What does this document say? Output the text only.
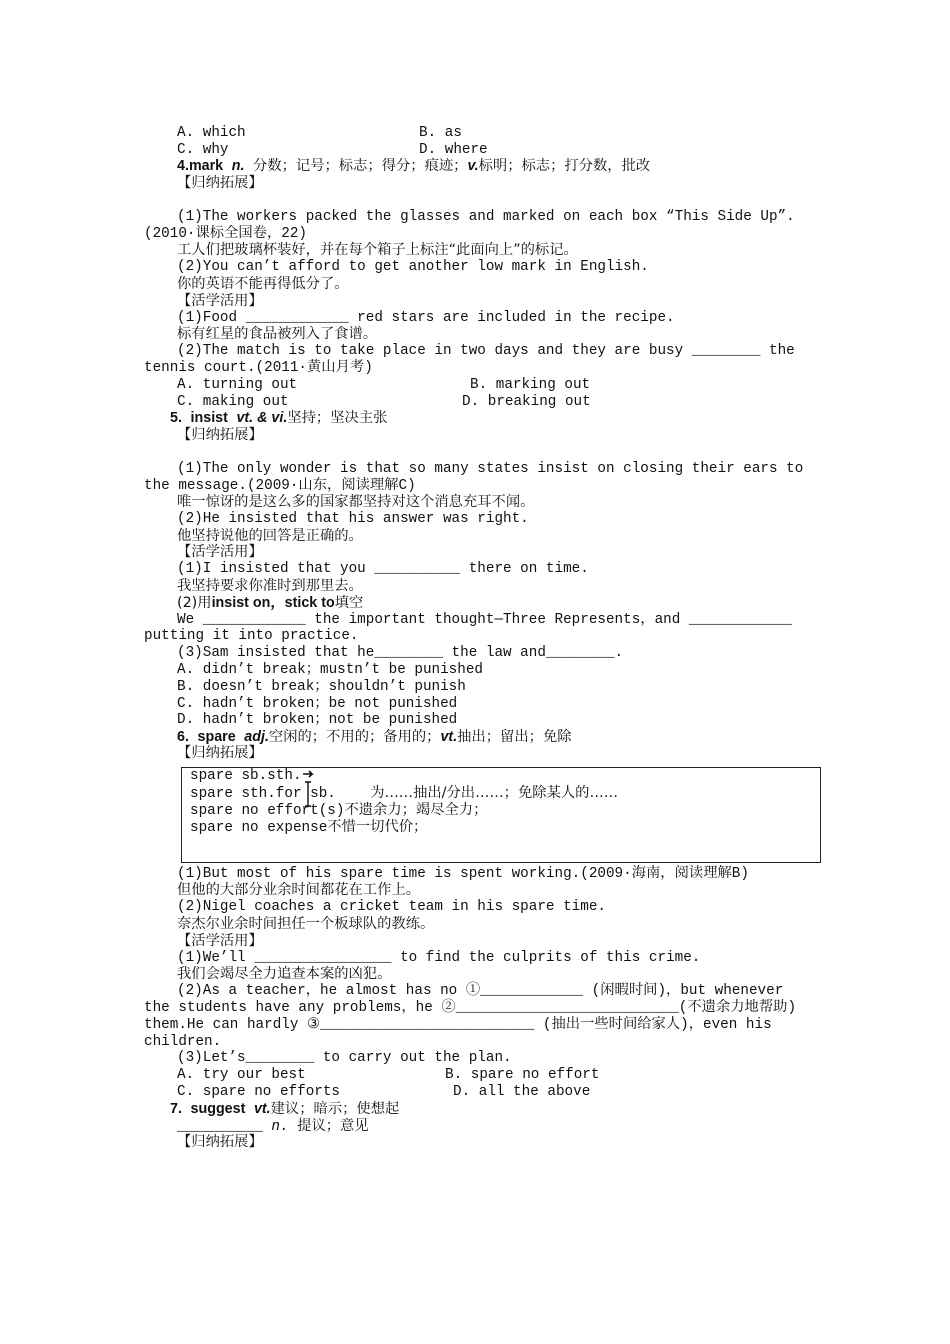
A. which	B. as
C. why	D. where
4.mark n. 分数；记号；标志；得分；痕迹；v.标明；标志；打分数，批改
【归纳拓展】
(1)The workers packed the glasses and marked on each box “This Side Up”.
(2010·课标全国卷，22)
工人们把玻璃杯装好，并在每个箱子上标注“此面向上”的标记。
(2)You can’t afford to get another low mark in English.
你的英语不能再得低分了。
【活学活用】
(1)Food ____________ red stars are included in the recipe.
标有红星的食品被列入了食谱。
(2)The match is to take place in two days and they are busy ________ the
tennis court.(2011·黄山月考)
A. turning out	B. marking out
C. making out	D. breaking out
5. insist vt. & vi.坚持；坚决主张
【归纳拓展】
(1)The only wonder is that so many states insist on closing their ears to
the message.(2009·山东，阅读理解C)
唯一惊讶的是这么多的国家都坚持对这个消息充耳不闻。
(2)He insisted that his answer was right.
他坚持说他的回答是正确的。
【活学活用】
(1)I insisted that you __________ there on time.
我坚持要求你准时到那里去。
(2)用insist on，stick to填空
We ____________ the important thought—Three Represents，and ____________
putting it into practice.
(3)Sam insisted that he________ the law and________.
A. didn’t break；mustn’t be punished
B. doesn’t break；shouldn’t punish
C. hadn’t broken；be not punished
D. hadn’t broken；not be punished
6. spare adj.空闲的；不用的；备用的；vt.抽出；留出；免除
【归纳拓展】
spare sb.sth.
spare sth.for sb. 为……抽出/分出……；免除某人的……
spare no effort(s)不遗余力；竭尽全力；
spare no expense不惜一切代价；
(1)But most of his spare time is spent working.(2009·海南，阅读理解B)
但他的大部分业余时间都花在工作上。
(2)Nigel coaches a cricket team in his spare time.
奈杰尔业余时间担任一个板球队的教练。
【活学活用】
(1)We’ll ________________ to find the culprits of this crime.
我们会竭尽全力追查本案的凶犯。
(2)As a teacher，he almost has no ①____________ (闲暇时间)，but whenever
the students have any problems，he ②__________________________(不遗余力地帮助)
them.He can hardly ③_________________________ (抽出一些时间给家人)，even his
children.
(3)Let’s________ to carry out the plan.
A. try our best	B. spare no effort
C. spare no efforts	D. all the above
7. suggest vt.建议；暗示；使想起
__________ n. 提议；意见
【归纳拓展】
